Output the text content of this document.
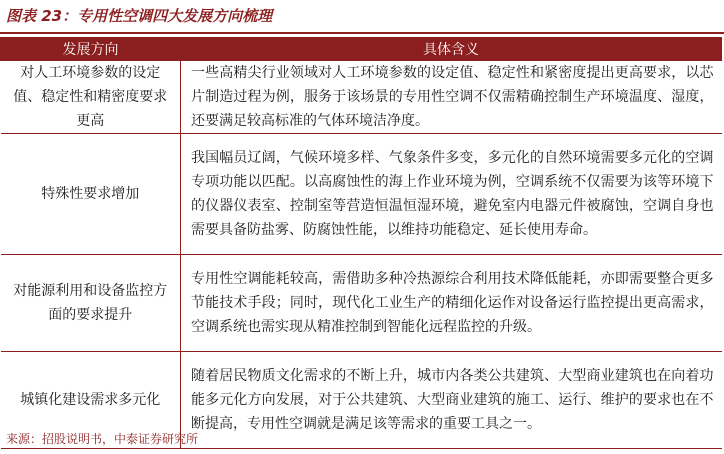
图表 23：专用性空调四大发展方向梳理
发展方向	具体含义
对人工环境参数的设定值、稳定性和精密度要求更高	一些高精尖行业领域对人工环境参数的设定值、稳定性和紧密度提出更高要求，以芯片制造过程为例，服务于该场景的专用性空调不仅需精确控制生产环境温度、湿度，还要满足较高标准的气体环境洁净度。
特殊性要求增加	我国幅员辽阔，气候环境多样、气象条件多变，多元化的自然环境需要多元化的空调专项功能以匹配。以高腐蚀性的海上作业环境为例，空调系统不仅需要为该等环境下的仪器仪表室、控制室等营造恒温恒湿环境，避免室内电器元件被腐蚀，空调自身也需要具备防盐雾、防腐蚀性能，以维持功能稳定、延长使用寿命。
对能源利用和设备监控方面的要求提升	专用性空调能耗较高，需借助多种冷热源综合利用技术降低能耗，亦即需要整合更多节能技术手段；同时，现代化工业生产的精细化运作对设备运行监控提出更高需求，空调系统也需实现从精准控制到智能化远程监控的升级。
城镇化建设需求多元化	随着居民物质文化需求的不断上升，城市内各类公共建筑、大型商业建筑也在向着功能多元化方向发展，对于公共建筑、大型商业建筑的施工、运行、维护的要求也在不断提高，专用性空调就是满足该等需求的重要工具之一。
来源：招股说明书，中泰证券研究所
